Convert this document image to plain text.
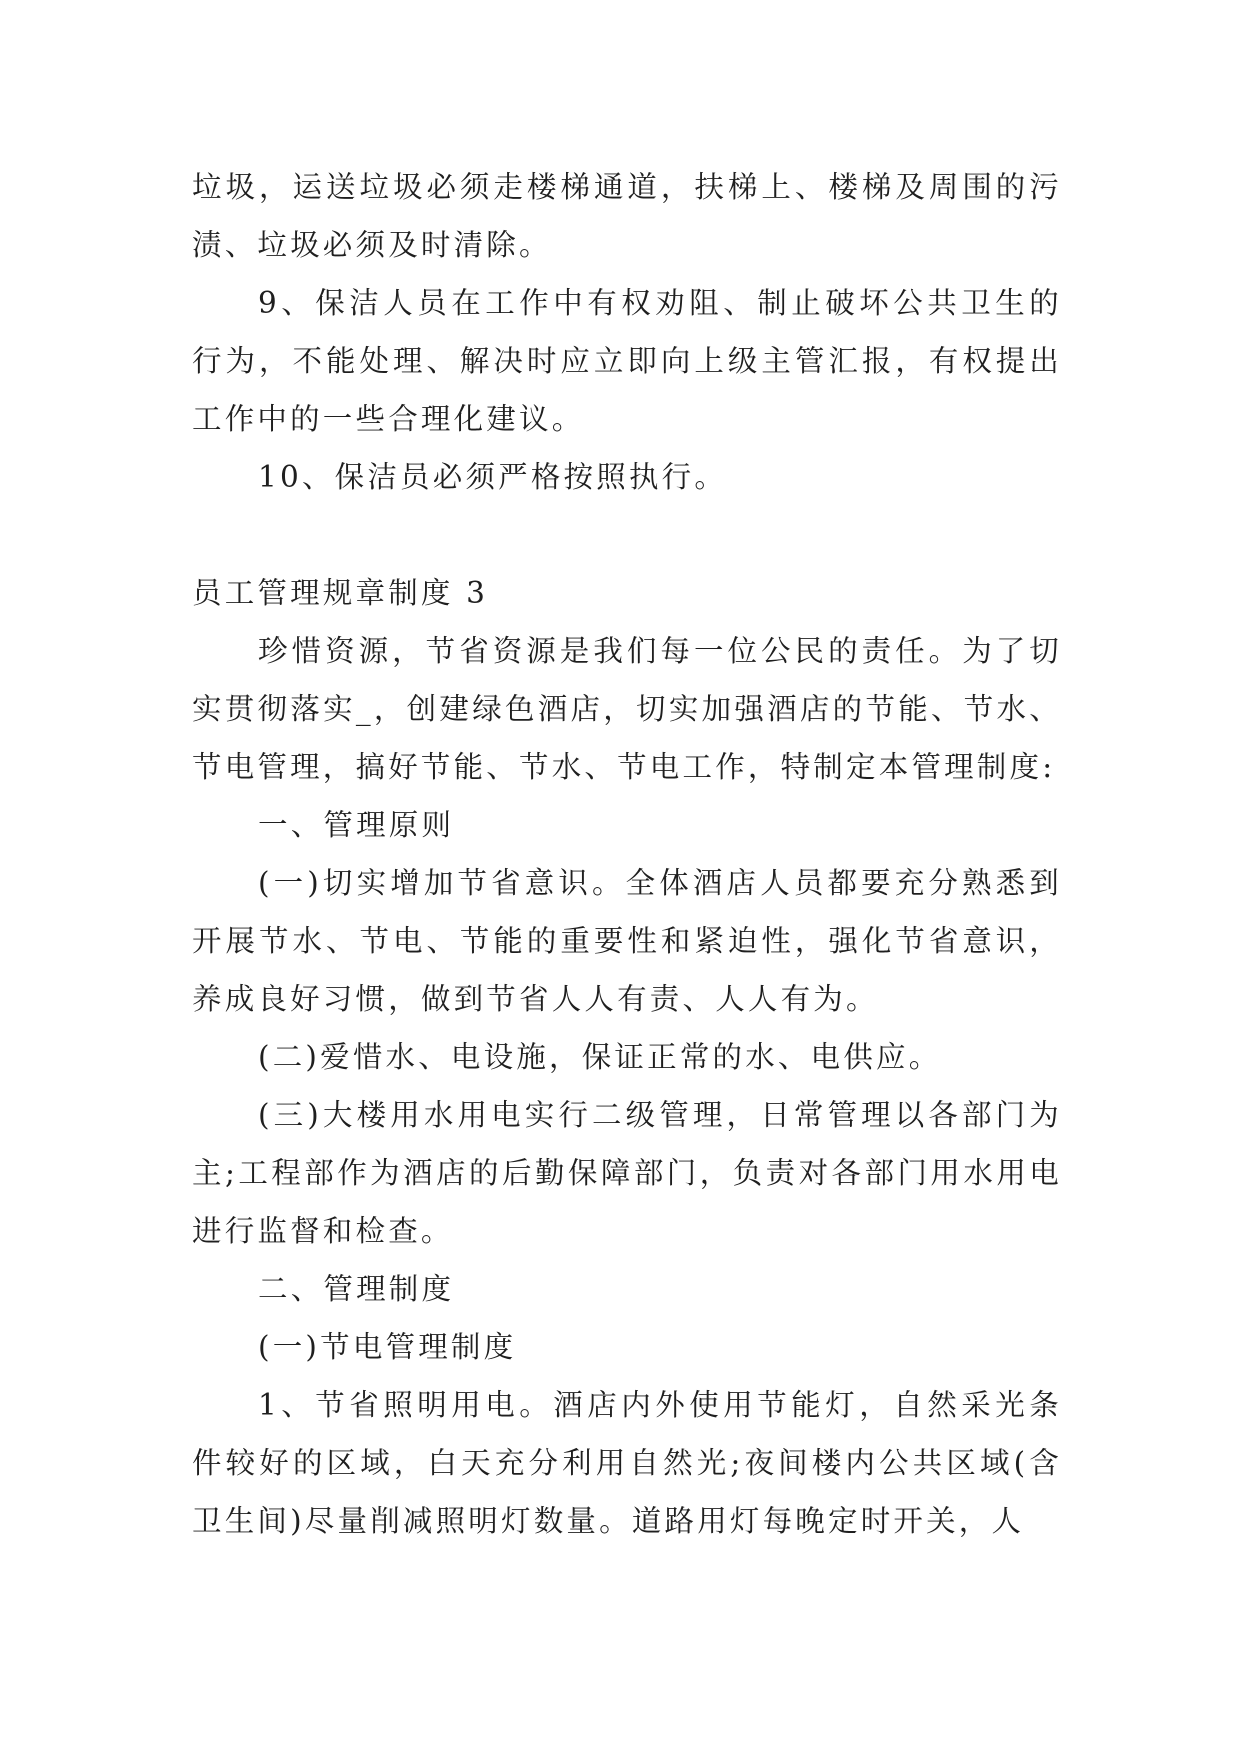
垃圾，运送垃圾必须走楼梯通道，扶梯上、楼梯及周围的污渍、垃圾必须及时清除。

9、保洁人员在工作中有权劝阻、制止破坏公共卫生的行为，不能处理、解决时应立即向上级主管汇报，有权提出工作中的一些合理化建议。

10、保洁员必须严格按照执行。

员工管理规章制度 3

珍惜资源，节省资源是我们每一位公民的责任。为了切实贯彻落实_，创建绿色酒店，切实加强酒店的节能、节水、节电管理，搞好节能、节水、节电工作，特制定本管理制度:

一、管理原则

(一)切实增加节省意识。全体酒店人员都要充分熟悉到开展节水、节电、节能的重要性和紧迫性，强化节省意识，养成良好习惯，做到节省人人有责、人人有为。

(二)爱惜水、电设施，保证正常的水、电供应。

(三)大楼用水用电实行二级管理，日常管理以各部门为主;工程部作为酒店的后勤保障部门，负责对各部门用水用电进行监督和检查。

二、管理制度

(一)节电管理制度

1、节省照明用电。酒店内外使用节能灯，自然采光条件较好的区域，白天充分利用自然光;夜间楼内公共区域(含卫生间)尽量削减照明灯数量。道路用灯每晚定时开关，人
